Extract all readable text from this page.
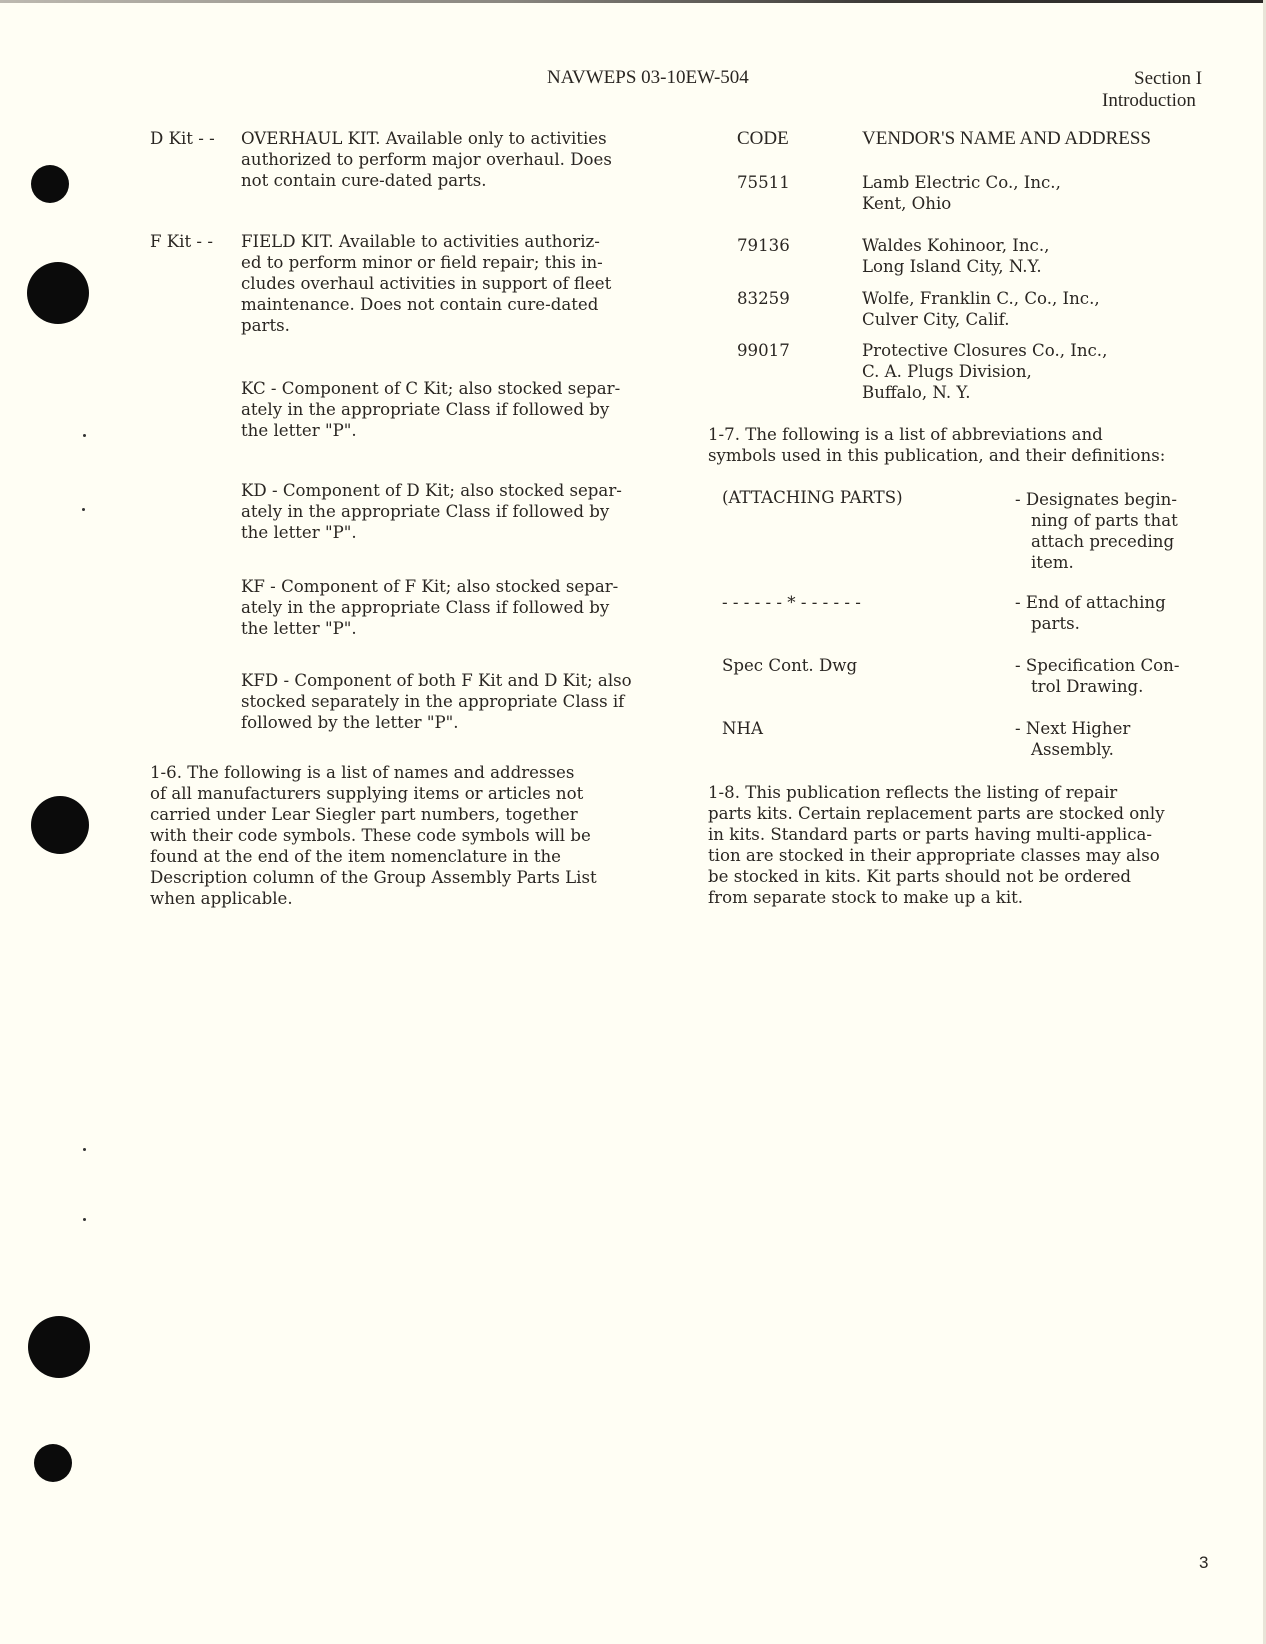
NAVWEPS 03-10EW-504	Section I
Introduction
D Kit - - OVERHAUL KIT. Available only to activities
authorized to perform major overhaul. Does
not contain cure-dated parts.
F Kit - - FIELD KIT. Available to activities authoriz-
ed to perform minor or field repair; this in-
cludes overhaul activities in support of fleet
maintenance. Does not contain cure-dated
parts.
KC - Component of C Kit; also stocked separ-
ately in the appropriate Class if followed by
the letter "P".
KD - Component of D Kit; also stocked separ-
ately in the appropriate Class if followed by
the letter "P".
KF - Component of F Kit; also stocked separ-
ately in the appropriate Class if followed by
the letter "P".
KFD - Component of both F Kit and D Kit; also
stocked separately in the appropriate Class if
followed by the letter "P".
1-6. The following is a list of names and addresses
of all manufacturers supplying items or articles not
carried under Lear Siegler part numbers, together
with their code symbols. These code symbols will be
found at the end of the item nomenclature in the
Description column of the Group Assembly Parts List
when applicable.
CODE	VENDOR'S NAME AND ADDRESS
75511	Lamb Electric Co., Inc.,
Kent, Ohio
79136	Waldes Kohinoor, Inc.,
Long Island City, N.Y.
83259	Wolfe, Franklin C., Co., Inc.,
Culver City, Calif.
99017	Protective Closures Co., Inc.,
C. A. Plugs Division,
Buffalo, N. Y.
1-7. The following is a list of abbreviations and
symbols used in this publication, and their definitions:
(ATTACHING PARTS)	- Designates begin-
ning of parts that
attach preceding
item.
- - - - - - * - - - - - -	- End of attaching
parts.
Spec Cont. Dwg	- Specification Con-
trol Drawing.
NHA	- Next Higher
Assembly.
1-8. This publication reflects the listing of repair
parts kits. Certain replacement parts are stocked only
in kits. Standard parts or parts having multi-applica-
tion are stocked in their appropriate classes may also
be stocked in kits. Kit parts should not be ordered
from separate stock to make up a kit.
3
